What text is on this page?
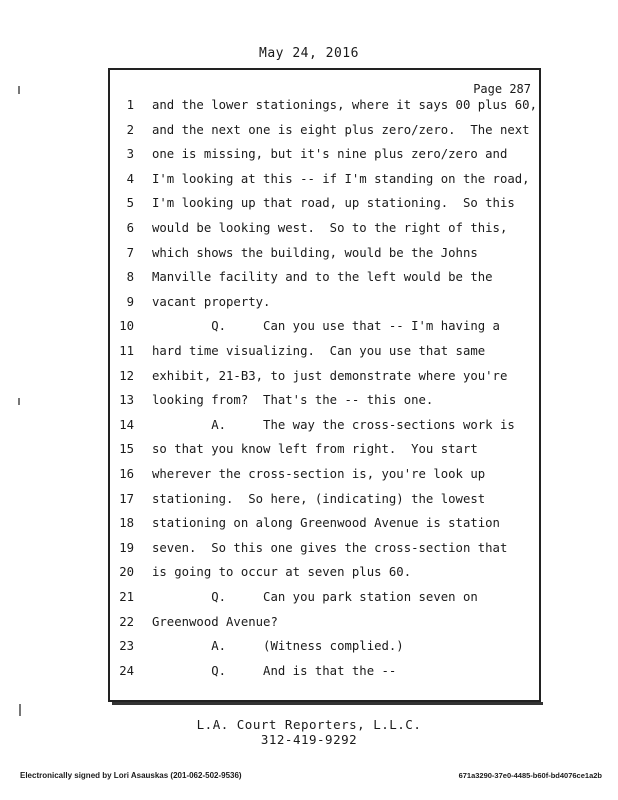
May 24, 2016
Page 287
1 and the lower stationings, where it says 00 plus 60,
2 and the next one is eight plus zero/zero.  The next
3 one is missing, but it's nine plus zero/zero and
4 I'm looking at this -- if I'm standing on the road,
5 I'm looking up that road, up stationing.  So this
6 would be looking west.  So to the right of this,
7 which shows the building, would be the Johns
8 Manville facility and to the left would be the
9 vacant property.
10 Q.     Can you use that -- I'm having a
11 hard time visualizing.  Can you use that same
12 exhibit, 21-B3, to just demonstrate where you're
13 looking from?  That's the -- this one.
14 A.     The way the cross-sections work is
15 so that you know left from right.  You start
16 wherever the cross-section is, you're look up
17 stationing.  So here, (indicating) the lowest
18 stationing on along Greenwood Avenue is station
19 seven.  So this one gives the cross-section that
20 is going to occur at seven plus 60.
21 Q.     Can you park station seven on
22 Greenwood Avenue?
23 A.     (Witness complied.)
24 Q.     And is that the --
L.A. Court Reporters, L.L.C.
312-419-9292
Electronically signed by Lori Asauskas (201-062-502-9536)	671a3290-37e0-4485-b60f-bd4076ce1a2b
